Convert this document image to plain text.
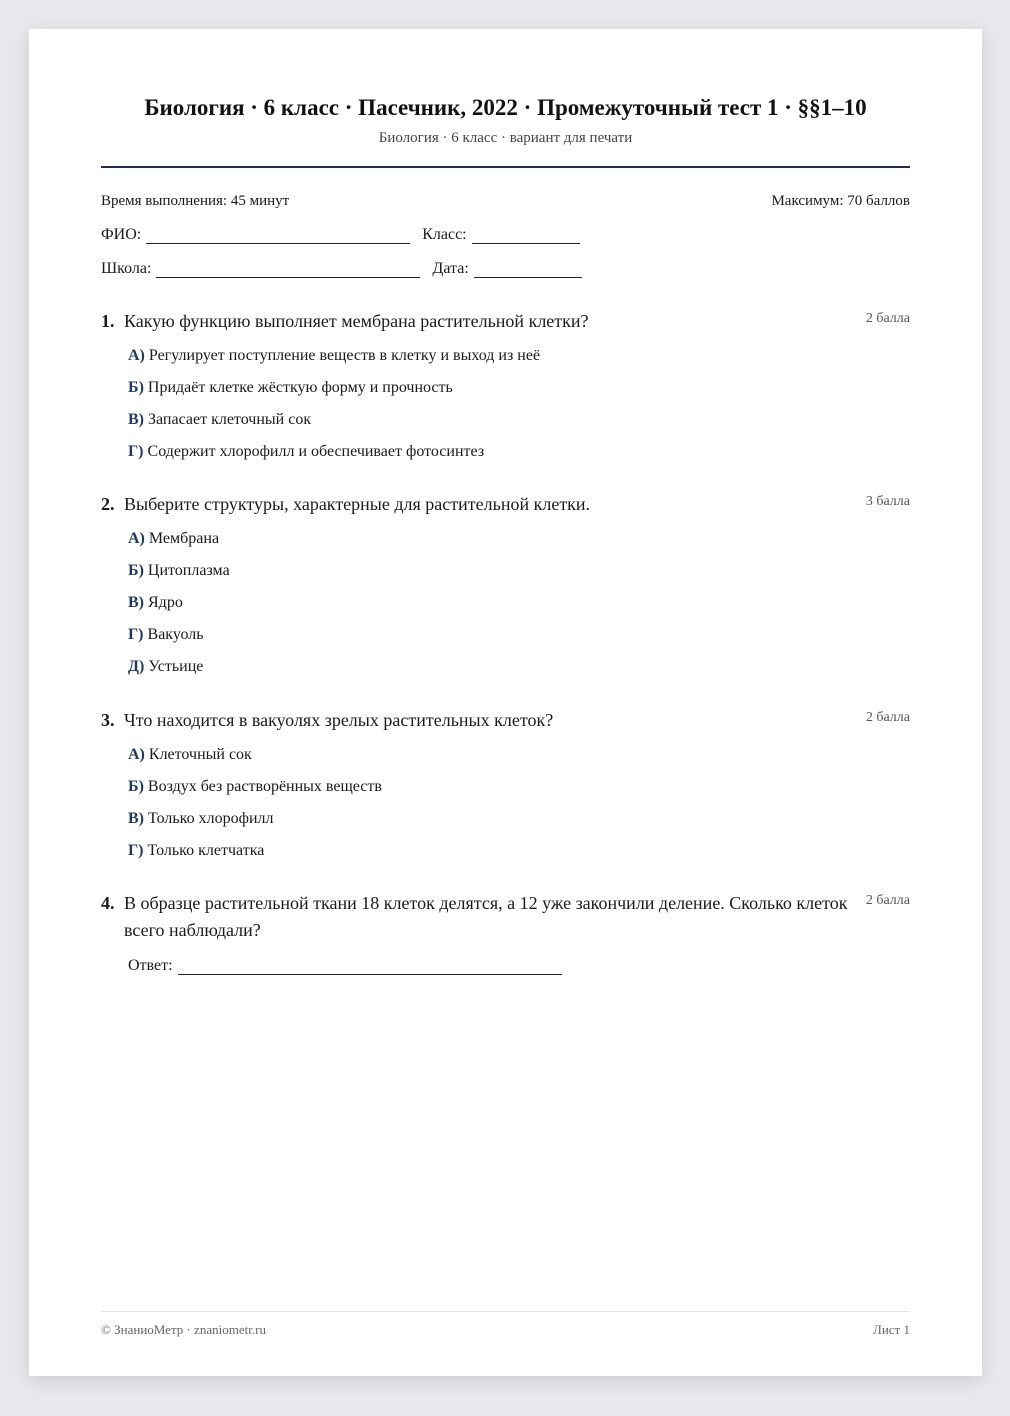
Биология · 6 класс · Пасечник, 2022 · Промежуточный тест 1 · §§1–10
Биология · 6 класс · вариант для печати
Время выполнения: 45 минут	Максимум: 70 баллов
ФИО:	Класс:
Школа:	Дата:
1. Какую функцию выполняет мембрана растительной клетки?	2 балла
А) Регулирует поступление веществ в клетку и выход из неё
Б) Придаёт клетке жёсткую форму и прочность
В) Запасает клеточный сок
Г) Содержит хлорофилл и обеспечивает фотосинтез
2. Выберите структуры, характерные для растительной клетки.	3 балла
А) Мембрана
Б) Цитоплазма
В) Ядро
Г) Вакуоль
Д) Устьице
3. Что находится в вакуолях зрелых растительных клеток?	2 балла
А) Клеточный сок
Б) Воздух без растворённых веществ
В) Только хлорофилл
Г) Только клетчатка
4. В образце растительной ткани 18 клеток делятся, а 12 уже закончили деление. Сколько клеток всего наблюдали?
2 балла
Ответ:
© ЗнаниоМетр · znaniometr.ru	Лист 1
